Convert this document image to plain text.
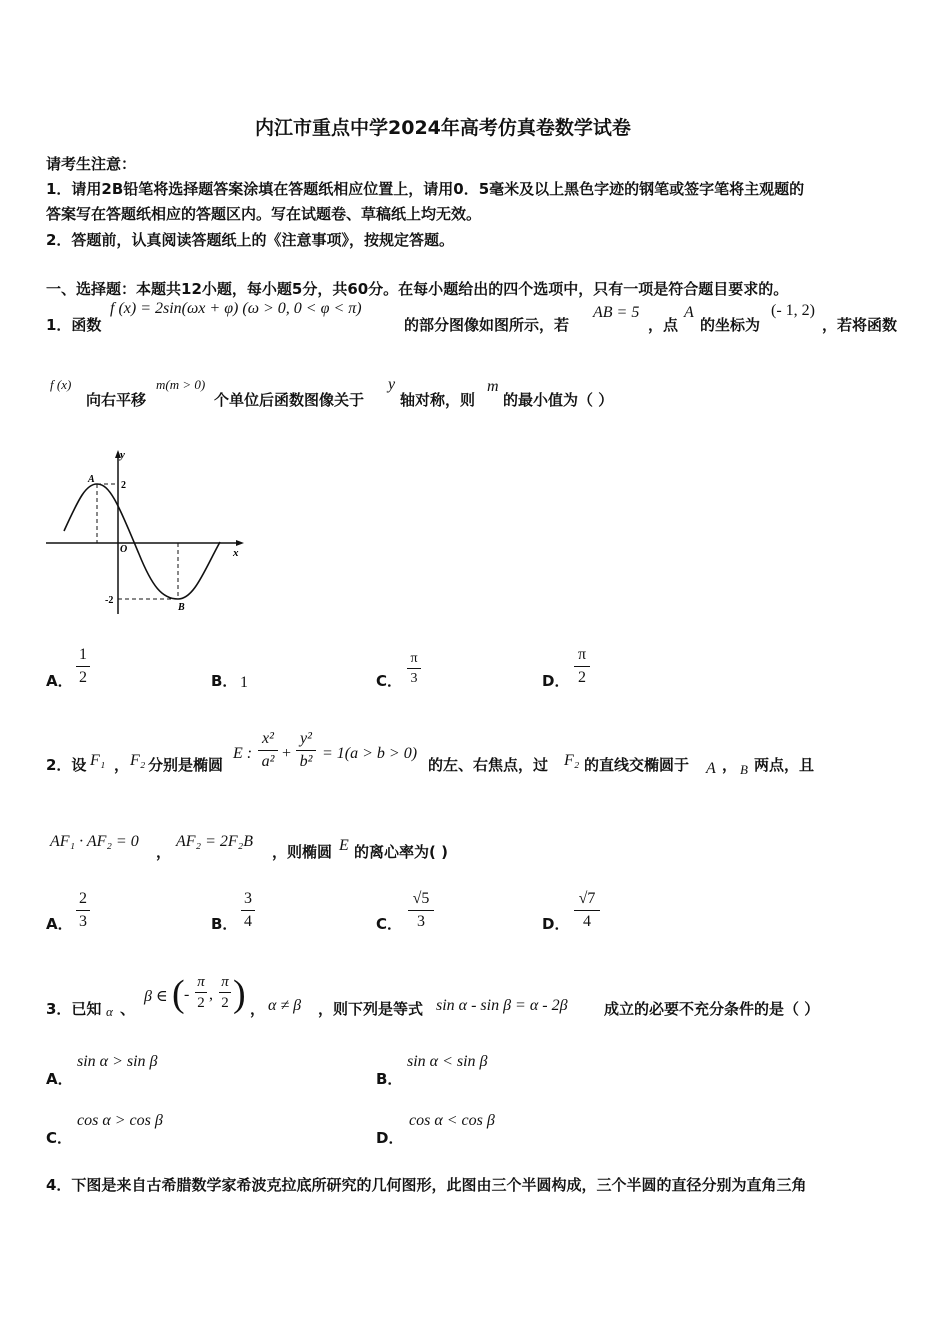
内江市重点中学2024年高考仿真卷数学试卷
请考生注意：
1．请用2B铅笔将选择题答案涂填在答题纸相应位置上，请用0．5毫米及以上黑色字迹的钢笔或签字笔将主观题的
答案写在答题纸相应的答题区内。写在试题卷、草稿纸上均无效。
2．答题前，认真阅读答题纸上的《注意事项》，按规定答题。
一、选择题：本题共12小题，每小题5分，共60分。在每小题给出的四个选项中，只有一项是符合题目要求的。
1．函数
f (x) = 2sin(ωx + φ) (ω > 0, 0 < φ < π)
的部分图像如图所示，若
AB = 5
，点
A
的坐标为
(- 1, 2)
，若将函数
f (x)
向右平移
m(m > 0)
个单位后函数图像关于
y
轴对称，则
m
的最小值为（ ）
y
x
O
A
B
2
-2
A．
1
2	B． 1	C．
π
3	D．
π
2
2．设 F₁ ， F₂ 分别是椭圆
E :
x²
a² +
y²
b² = 1(a > b > 0)
的左、右焦点，过 F₂ 的直线交椭圆于 A ， B 两点，且
AF₁ · AF₂ = 0
，
AF₂ = 2F₂B
，则椭圆 E 的离心率为( )
A．
2
3	B．
3
4	C．
√5
3	D．
√7
4
3．已知 α 、
β ∈ ( -
π
2 ,
π
2 ) ， α ≠ β ，则下列是等式 sin α - sin β = α - 2β 成立的必要不充分条件的是（ ）
A．
sin α > sin β
B．
sin α < sin β
C．
cos α > cos β
D．
cos α < cos β
4．下图是来自古希腊数学家希波克拉底所研究的几何图形，此图由三个半圆构成，三个半圆的直径分别为直角三角
